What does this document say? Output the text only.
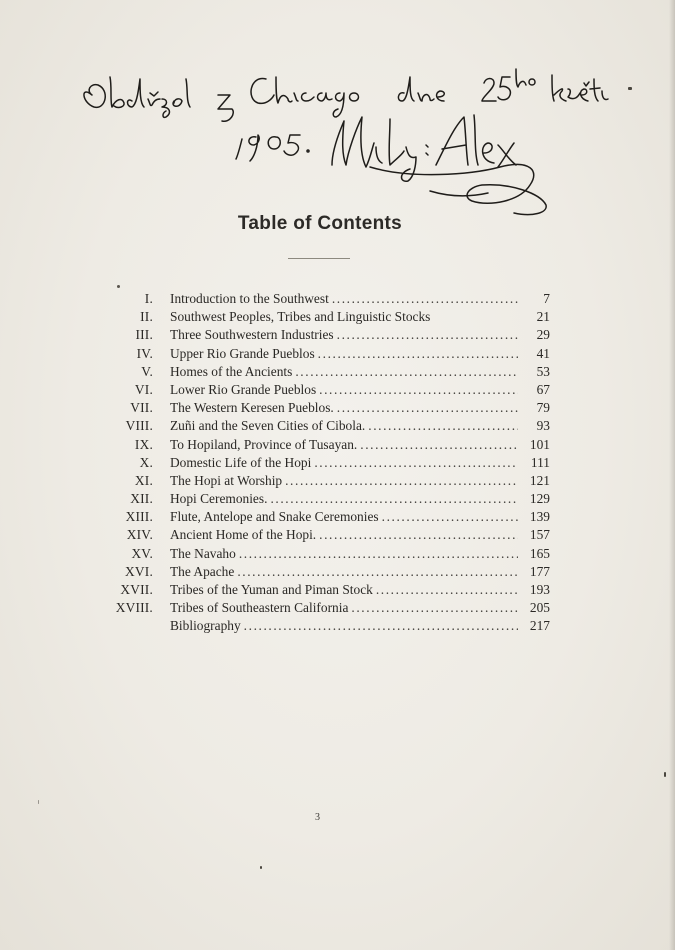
Table of Contents
I.	Introduction to the Southwest .....	7
II.	Southwest Peoples, Tribes and Linguistic Stocks	21
III.	Three Southwestern Industries .....	29
IV.	Upper Rio Grande Pueblos .....	41
V.	Homes of the Ancients .....	53
VI.	Lower Rio Grande Pueblos .....	67
VII.	The Western Keresen Pueblos. .....	79
VIII.	Zuñi and the Seven Cities of Cibola. .....	93
IX.	To Hopiland, Province of Tusayan. .....	101
X.	Domestic Life of the Hopi .....	111
XI.	The Hopi at Worship .....	121
XII.	Hopi Ceremonies. .....	129
XIII.	Flute, Antelope and Snake Ceremonies .....	139
XIV.	Ancient Home of the Hopi. .....	157
XV.	The Navaho .....	165
XVI.	The Apache .....	177
XVII.	Tribes of the Yuman and Piman Stock .....	193
XVIII.	Tribes of Southeastern California .....	205
Bibliography .....	217
3
